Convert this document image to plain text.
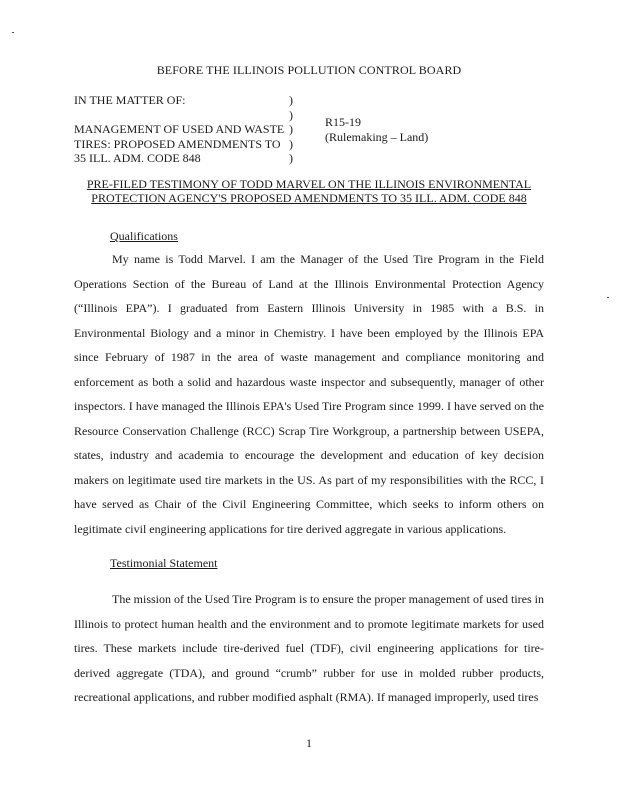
BEFORE THE ILLINOIS POLLUTION CONTROL BOARD
IN THE MATTER OF:
MANAGEMENT OF USED AND WASTE
TIRES: PROPOSED AMENDMENTS TO
35 ILL. ADM. CODE 848
)
)
)
)
)
R15-19
(Rulemaking – Land)
PRE-FILED TESTIMONY OF TODD MARVEL ON THE ILLINOIS ENVIRONMENTAL
PROTECTION AGENCY'S PROPOSED AMENDMENTS TO 35 ILL. ADM. CODE 848
Qualifications

My name is Todd Marvel. I am the Manager of the Used Tire Program in the Field Operations Section of the Bureau of Land at the Illinois Environmental Protection Agency (“Illinois EPA”). I graduated from Eastern Illinois University in 1985 with a B.S. in Environmental Biology and a minor in Chemistry. I have been employed by the Illinois EPA since February of 1987 in the area of waste management and compliance monitoring and enforcement as both a solid and hazardous waste inspector and subsequently, manager of other inspectors. I have managed the Illinois EPA's Used Tire Program since 1999. I have served on the Resource Conservation Challenge (RCC) Scrap Tire Workgroup, a partnership between USEPA, states, industry and academia to encourage the development and education of key decision makers on legitimate used tire markets in the US. As part of my responsibilities with the RCC, I have served as Chair of the Civil Engineering Committee, which seeks to inform others on legitimate civil engineering applications for tire derived aggregate in various applications.

Testimonial Statement

The mission of the Used Tire Program is to ensure the proper management of used tires in Illinois to protect human health and the environment and to promote legitimate markets for used tires. These markets include tire-derived fuel (TDF), civil engineering applications for tire-derived aggregate (TDA), and ground “crumb” rubber for use in molded rubber products, recreational applications, and rubber modified asphalt (RMA). If managed improperly, used tires

1
